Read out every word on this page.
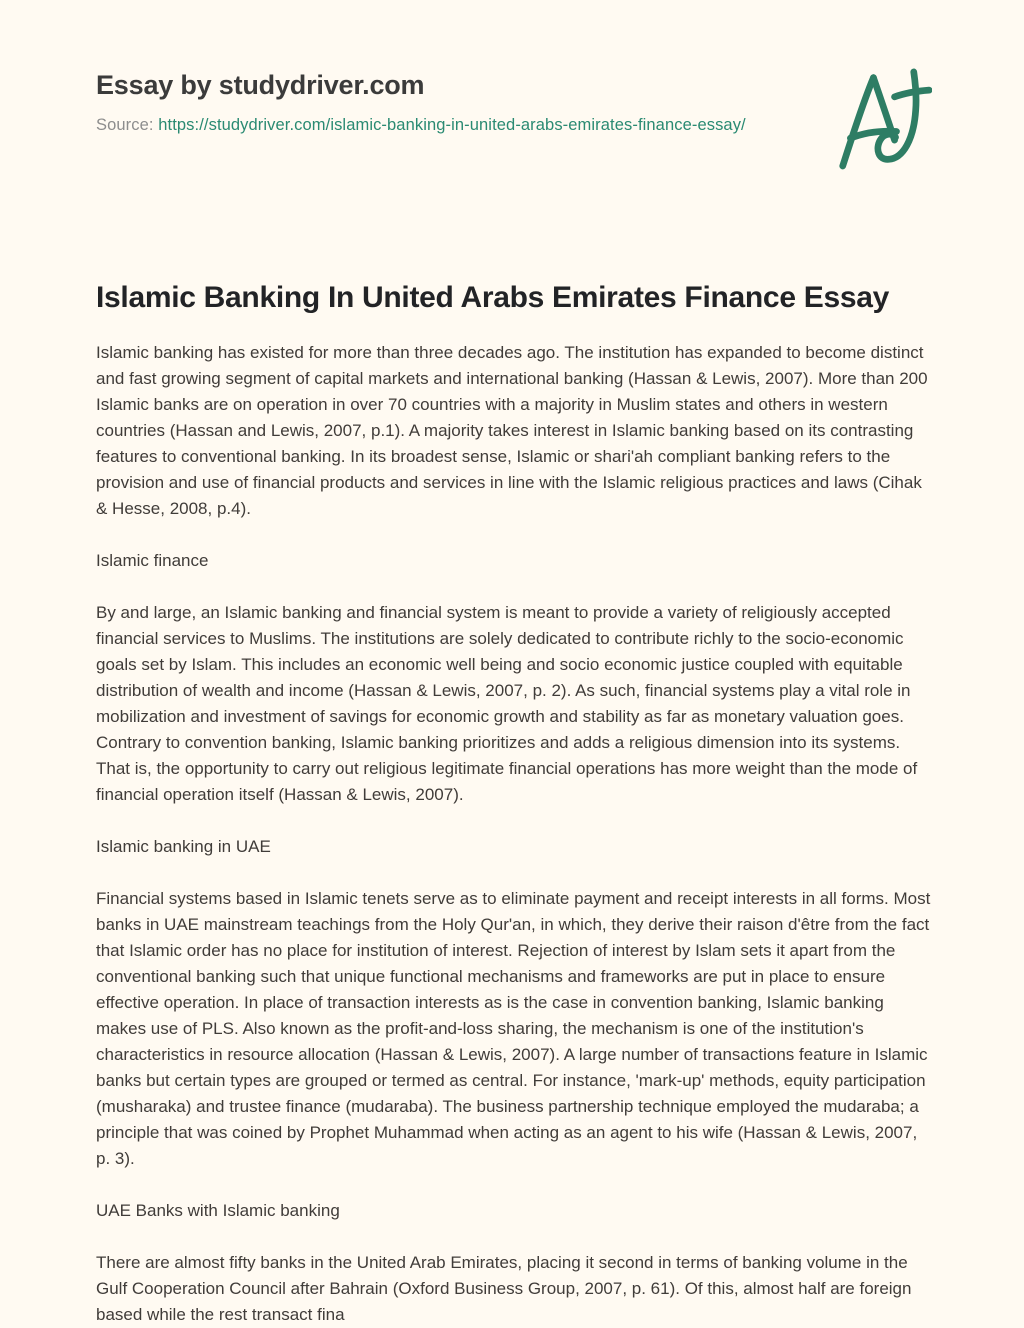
Essay by studydriver.com
Source: https://studydriver.com/islamic-banking-in-united-arabs-emirates-finance-essay/
Islamic Banking In United Arabs Emirates Finance Essay

Islamic banking has existed for more than three decades ago. The institution has expanded to become distinct and fast growing segment of capital markets and international banking (Hassan & Lewis, 2007). More than 200 Islamic banks are on operation in over 70 countries with a majority in Muslim states and others in western countries (Hassan and Lewis, 2007, p.1). A majority takes interest in Islamic banking based on its contrasting features to conventional banking. In its broadest sense, Islamic or shari'ah compliant banking refers to the provision and use of financial products and services in line with the Islamic religious practices and laws (Cihak & Hesse, 2008, p.4).

Islamic finance

By and large, an Islamic banking and financial system is meant to provide a variety of religiously accepted financial services to Muslims. The institutions are solely dedicated to contribute richly to the socio-economic goals set by Islam. This includes an economic well being and socio economic justice coupled with equitable distribution of wealth and income (Hassan & Lewis, 2007, p. 2). As such, financial systems play a vital role in mobilization and investment of savings for economic growth and stability as far as monetary valuation goes. Contrary to convention banking, Islamic banking prioritizes and adds a religious dimension into its systems. That is, the opportunity to carry out religious legitimate financial operations has more weight than the mode of financial operation itself (Hassan & Lewis, 2007).

Islamic banking in UAE

Financial systems based in Islamic tenets serve as to eliminate payment and receipt interests in all forms. Most banks in UAE mainstream teachings from the Holy Qur'an, in which, they derive their raison d'être from the fact that Islamic order has no place for institution of interest. Rejection of interest by Islam sets it apart from the conventional banking such that unique functional mechanisms and frameworks are put in place to ensure effective operation. In place of transaction interests as is the case in convention banking, Islamic banking makes use of PLS. Also known as the profit-and-loss sharing, the mechanism is one of the institution's characteristics in resource allocation (Hassan & Lewis, 2007). A large number of transactions feature in Islamic banks but certain types are grouped or termed as central. For instance, 'mark-up' methods, equity participation (musharaka) and trustee finance (mudaraba). The business partnership technique employed the mudaraba; a principle that was coined by Prophet Muhammad when acting as an agent to his wife (Hassan & Lewis, 2007, p. 3).

UAE Banks with Islamic banking

There are almost fifty banks in the United Arab Emirates, placing it second in terms of banking volume in the Gulf Cooperation Council after Bahrain (Oxford Business Group, 2007, p. 61). Of this, almost half are foreign based while the rest transact fina
